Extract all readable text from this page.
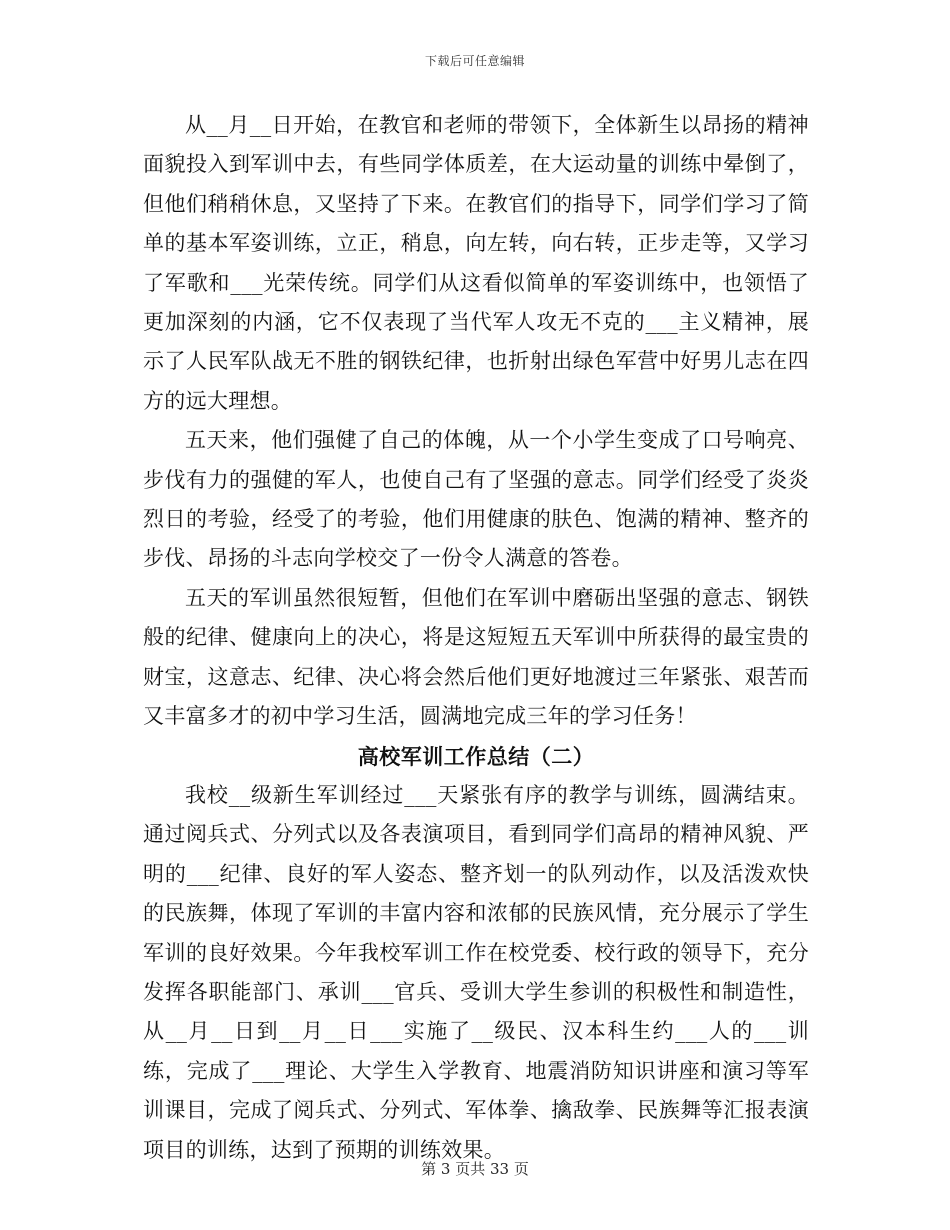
下载后可任意编辑

从__月__日开始，在教官和老师的带领下，全体新生以昂扬的精神面貌投入到军训中去，有些同学体质差，在大运动量的训练中晕倒了，但他们稍稍休息，又坚持了下来。在教官们的指导下，同学们学习了简单的基本军姿训练，立正，稍息，向左转，向右转，正步走等，又学习了军歌和___光荣传统。同学们从这看似简单的军姿训练中，也领悟了更加深刻的内涵，它不仅表现了当代军人攻无不克的___主义精神，展示了人民军队战无不胜的钢铁纪律，也折射出绿色军营中好男儿志在四方的远大理想。

五天来，他们强健了自己的体魄，从一个小学生变成了口号响亮、步伐有力的强健的军人，也使自己有了坚强的意志。同学们经受了炎炎烈日的考验，经受了的考验，他们用健康的肤色、饱满的精神、整齐的步伐、昂扬的斗志向学校交了一份令人满意的答卷。

五天的军训虽然很短暂，但他们在军训中磨砺出坚强的意志、钢铁般的纪律、健康向上的决心，将是这短短五天军训中所获得的最宝贵的财宝，这意志、纪律、决心将会然后他们更好地渡过三年紧张、艰苦而又丰富多才的初中学习生活，圆满地完成三年的学习任务！

高校军训工作总结（二）

我校__级新生军训经过___天紧张有序的教学与训练，圆满结束。通过阅兵式、分列式以及各表演项目，看到同学们高昂的精神风貌、严明的___纪律、良好的军人姿态、整齐划一的队列动作，以及活泼欢快的民族舞，体现了军训的丰富内容和浓郁的民族风情，充分展示了学生军训的良好效果。今年我校军训工作在校党委、校行政的领导下，充分发挥各职能部门、承训___官兵、受训大学生参训的积极性和制造性，从__月__日到__月__日___实施了__级民、汉本科生约___人的___训练，完成了___理论、大学生入学教育、地震消防知识讲座和演习等军训课目，完成了阅兵式、分列式、军体拳、擒敌拳、民族舞等汇报表演项目的训练，达到了预期的训练效果。

第 3 页共 33 页
